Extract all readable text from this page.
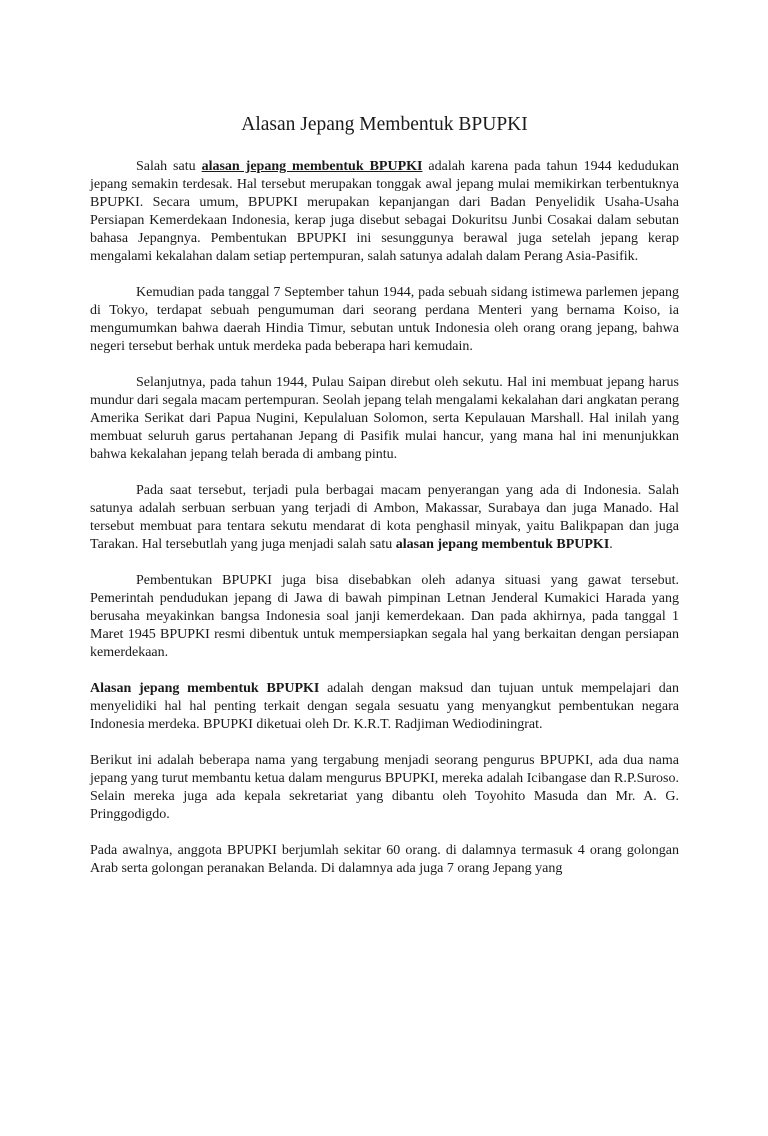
Alasan Jepang Membentuk BPUPKI

Salah satu alasan jepang membentuk BPUPKI adalah karena pada tahun 1944 kedudukan jepang semakin terdesak. Hal tersebut merupakan tonggak awal jepang mulai memikirkan terbentuknya BPUPKI. Secara umum, BPUPKI merupakan kepanjangan dari Badan Penyelidik Usaha-Usaha Persiapan Kemerdekaan Indonesia, kerap juga disebut sebagai Dokuritsu Junbi Cosakai dalam sebutan bahasa Jepangnya. Pembentukan BPUPKI ini sesunggunya berawal juga setelah jepang kerap mengalami kekalahan dalam setiap pertempuran, salah satunya adalah dalam Perang Asia-Pasifik.

Kemudian pada tanggal 7 September tahun 1944, pada sebuah sidang istimewa parlemen jepang di Tokyo, terdapat sebuah pengumuman dari seorang perdana Menteri yang bernama Koiso, ia mengumumkan bahwa daerah Hindia Timur, sebutan untuk Indonesia oleh orang orang jepang, bahwa negeri tersebut berhak untuk merdeka pada beberapa hari kemudain.

Selanjutnya, pada tahun 1944, Pulau Saipan direbut oleh sekutu. Hal ini membuat jepang harus mundur dari segala macam pertempuran. Seolah jepang telah mengalami kekalahan dari angkatan perang Amerika Serikat dari Papua Nugini, Kepulaluan Solomon, serta Kepulauan Marshall. Hal inilah yang membuat seluruh garus pertahanan Jepang di Pasifik mulai hancur, yang mana hal ini menunjukkan bahwa kekalahan jepang telah berada di ambang pintu.

Pada saat tersebut, terjadi pula berbagai macam penyerangan yang ada di Indonesia. Salah satunya adalah serbuan serbuan yang terjadi di Ambon, Makassar, Surabaya dan juga Manado. Hal tersebut membuat para tentara sekutu mendarat di kota penghasil minyak, yaitu Balikpapan dan juga Tarakan. Hal tersebutlah yang juga menjadi salah satu alasan jepang membentuk BPUPKI.

Pembentukan BPUPKI juga bisa disebabkan oleh adanya situasi yang gawat tersebut. Pemerintah pendudukan jepang di Jawa di bawah pimpinan Letnan Jenderal Kumakici Harada yang berusaha meyakinkan bangsa Indonesia soal janji kemerdekaan. Dan pada akhirnya, pada tanggal 1 Maret 1945 BPUPKI resmi dibentuk untuk mempersiapkan segala hal yang berkaitan dengan persiapan kemerdekaan.

Alasan jepang membentuk BPUPKI adalah dengan maksud dan tujuan untuk mempelajari dan menyelidiki hal hal penting terkait dengan segala sesuatu yang menyangkut pembentukan negara Indonesia merdeka. BPUPKI diketuai oleh Dr. K.R.T. Radjiman Wediodiningrat.

Berikut ini adalah beberapa nama yang tergabung menjadi seorang pengurus BPUPKI, ada dua nama jepang yang turut membantu ketua dalam mengurus BPUPKI, mereka adalah Icibangase dan R.P.Suroso. Selain mereka juga ada kepala sekretariat yang dibantu oleh Toyohito Masuda dan Mr. A. G. Pringgodigdo.

Pada awalnya, anggota BPUPKI berjumlah sekitar 60 orang. di dalamnya termasuk 4 orang golongan Arab serta golongan peranakan Belanda. Di dalamnya ada juga 7 orang Jepang yang
